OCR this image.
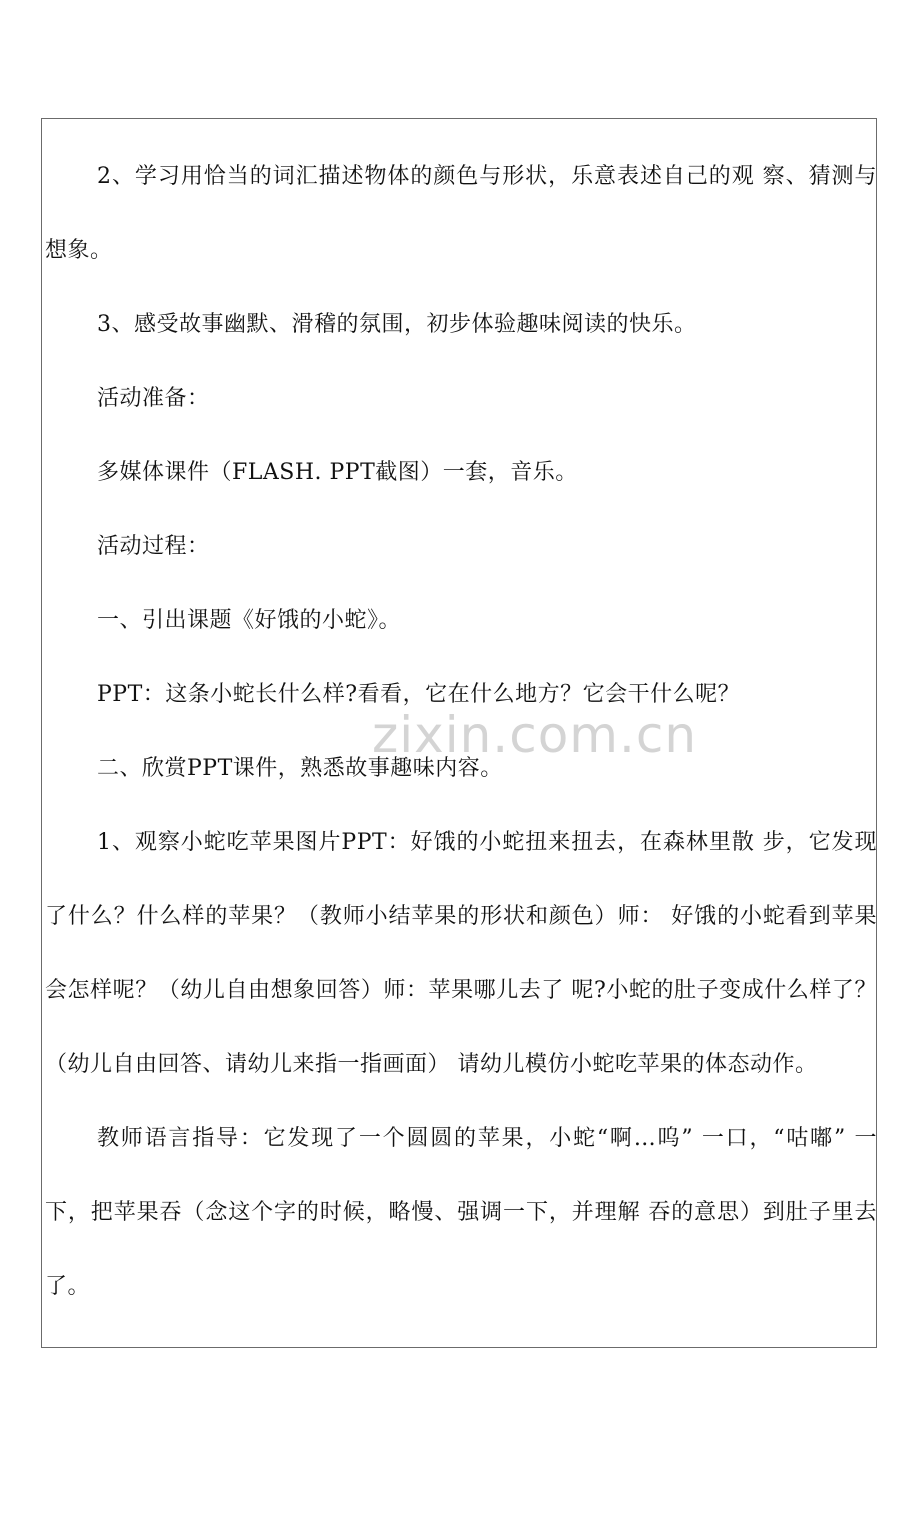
2、学习用恰当的词汇描述物体的颜色与形状，乐意表述自己的观 察、猜测与想象。

3、感受故事幽默、滑稽的氛围，初步体验趣味阅读的快乐。

活动准备：

多媒体课件（FLASH. PPT截图）一套，音乐。

活动过程：

一、引出课题《好饿的小蛇》。

PPT：这条小蛇长什么样?看看，它在什么地方？它会干什么呢？

二、欣赏PPT课件，熟悉故事趣味内容。

1、观察小蛇吃苹果图片PPT：好饿的小蛇扭来扭去，在森林里散 步，它发现了什么？什么样的苹果？（教师小结苹果的形状和颜色）师： 好饿的小蛇看到苹果会怎样呢？（幼儿自由想象回答）师：苹果哪儿去了 呢?小蛇的肚子变成什么样了？（幼儿自由回答、请幼儿来指一指画面） 请幼儿模仿小蛇吃苹果的体态动作。

教师语言指导：它发现了一个圆圆的苹果，小蛇“啊…呜” 一口，“咕嘟” 一下，把苹果吞（念这个字的时候，略慢、强调一下，并理解 吞的意思）到肚子里去了。

zixin.com.cn
